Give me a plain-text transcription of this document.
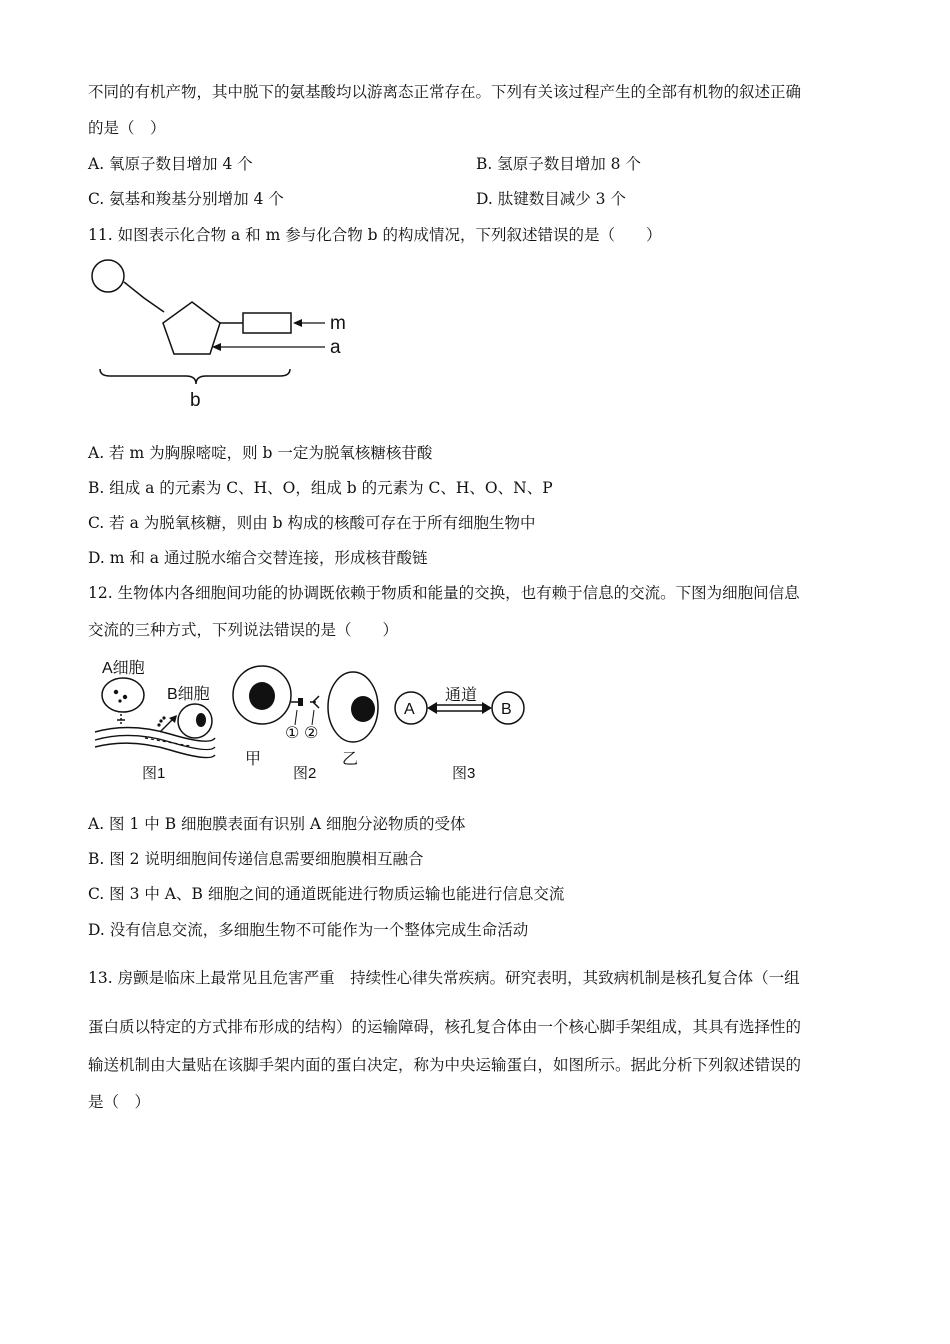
不同的有机产物，其中脱下的氨基酸均以游离态正常存在。下列有关该过程产生的全部有机物的叙述正确
的是（　）
A. 氧原子数目增加 4 个	B. 氢原子数目增加 8 个
C. 氨基和羧基分别增加 4 个	D. 肽键数目减少 3 个
11. 如图表示化合物 a 和 m 参与化合物 b 的构成情况，下列叙述错误的是（　　）
m
a
b
A. 若 m 为胸腺嘧啶，则 b 一定为脱氧核糖核苷酸
B. 组成 a 的元素为 C、H、O，组成 b 的元素为 C、H、O、N、P
C. 若 a 为脱氧核糖，则由 b 构成的核酸可存在于所有细胞生物中
D. m 和 a 通过脱水缩合交替连接，形成核苷酸链
12. 生物体内各细胞间功能的协调既依赖于物质和能量的交换，也有赖于信息的交流。下图为细胞间信息
交流的三种方式，下列说法错误的是（　　）
A细胞
B细胞
图1
① ②
甲	乙
图2
通道
A	B
图3
A. 图 1 中 B 细胞膜表面有识别 A 细胞分泌物质的受体
B. 图 2 说明细胞间传递信息需要细胞膜相互融合
C. 图 3 中 A、B 细胞之间的通道既能进行物质运输也能进行信息交流
D. 没有信息交流，多细胞生物不可能作为一个整体完成生命活动
13. 房颤是临床上最常见且危害严重　持续性心律失常疾病。研究表明，其致病机制是核孔复合体（一组
蛋白质以特定的方式排布形成的结构）的运输障碍，核孔复合体由一个核心脚手架组成，其具有选择性的
输送机制由大量贴在该脚手架内面的蛋白决定，称为中央运输蛋白，如图所示。据此分析下列叙述错误的
是（　）
